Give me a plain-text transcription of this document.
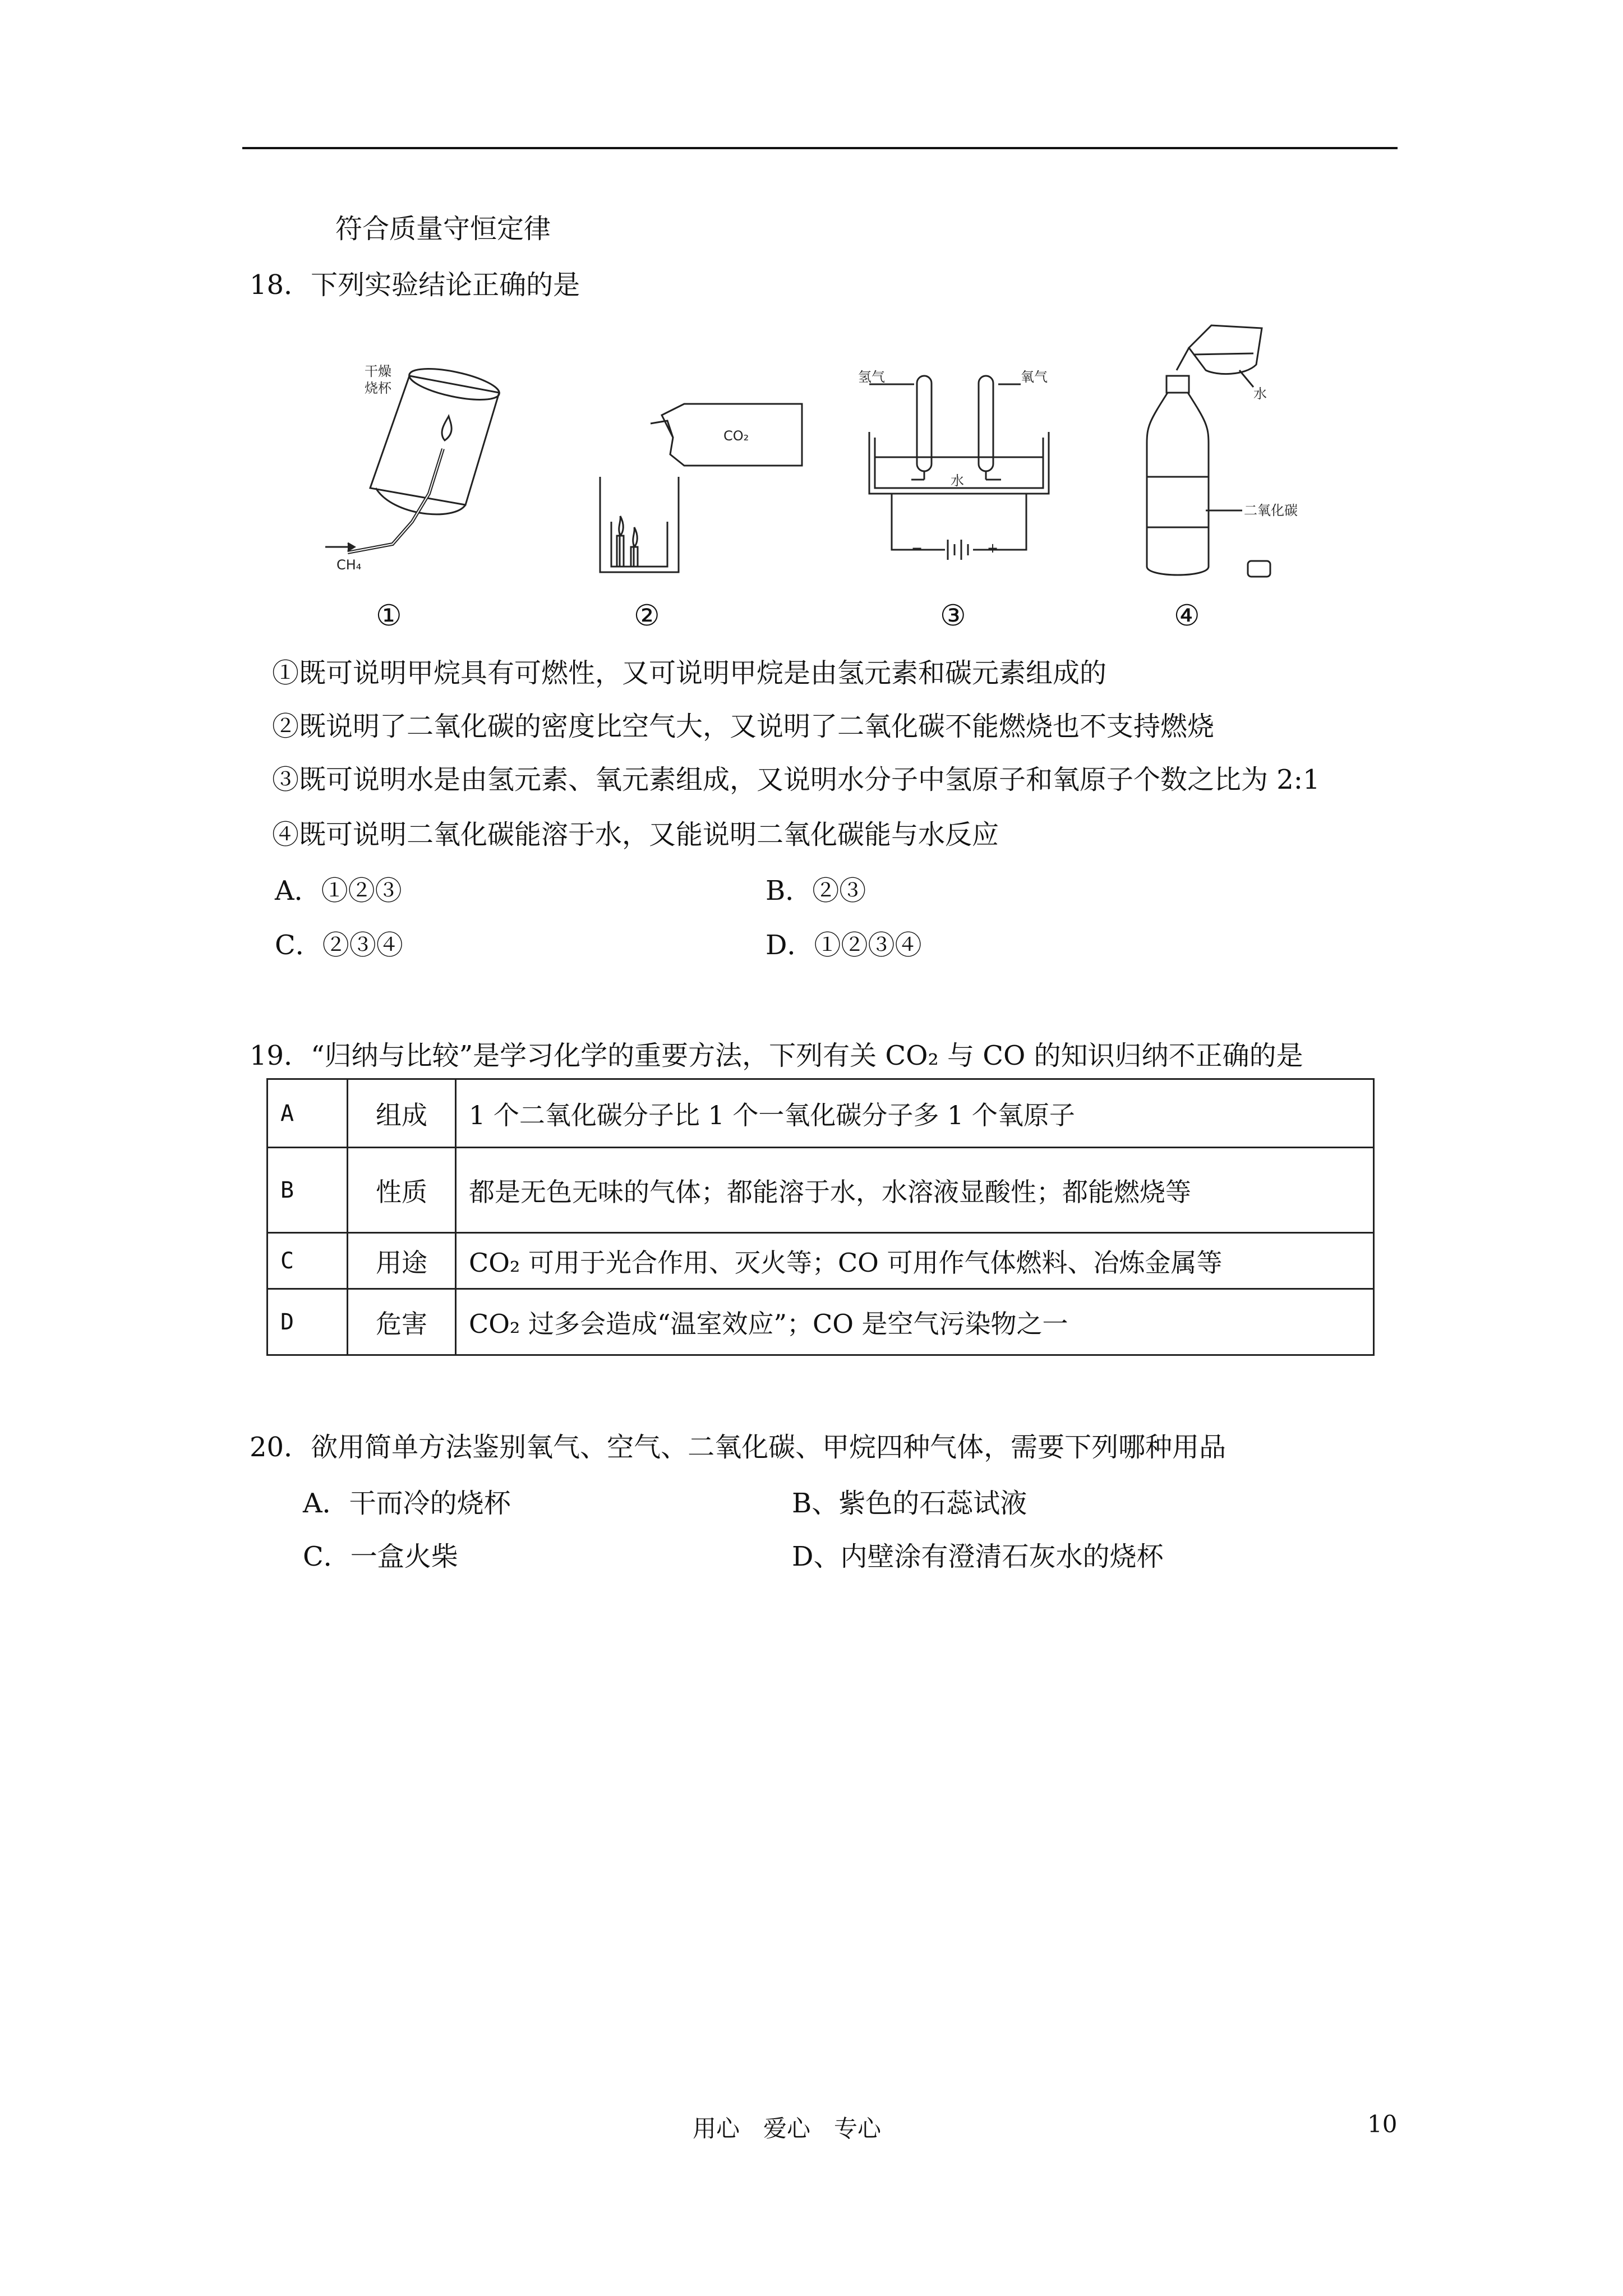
符合质量守恒定律
18．下列实验结论正确的是
干燥
烧杯
CH₄
CO₂
氢气	氧气
水
−	+
水
二氧化碳
①	②	③	④
①既可说明甲烷具有可燃性，又可说明甲烷是由氢元素和碳元素组成的
②既说明了二氧化碳的密度比空气大，又说明了二氧化碳不能燃烧也不支持燃烧
③既可说明水是由氢元素、氧元素组成，又说明水分子中氢原子和氧原子个数之比为 2:1
④既可说明二氧化碳能溶于水，又能说明二氧化碳能与水反应
A．①②③	B．②③
C．②③④	D．①②③④
19．“归纳与比较”是学习化学的重要方法，下列有关 CO₂ 与 CO 的知识归纳不正确的是
A	组成	1 个二氧化碳分子比 1 个一氧化碳分子多 1 个氧原子
B	性质	都是无色无味的气体；都能溶于水，水溶液显酸性；都能燃烧等
C	用途	CO₂ 可用于光合作用、灭火等；CO 可用作气体燃料、冶炼金属等
D	危害	CO₂ 过多会造成“温室效应”；CO 是空气污染物之一
20．欲用简单方法鉴别氧气、空气、二氧化碳、甲烷四种气体，需要下列哪种用品
A．干而冷的烧杯	B、紫色的石蕊试液
C．一盒火柴	D、内壁涂有澄清石灰水的烧杯
用心　爱心　专心	10
